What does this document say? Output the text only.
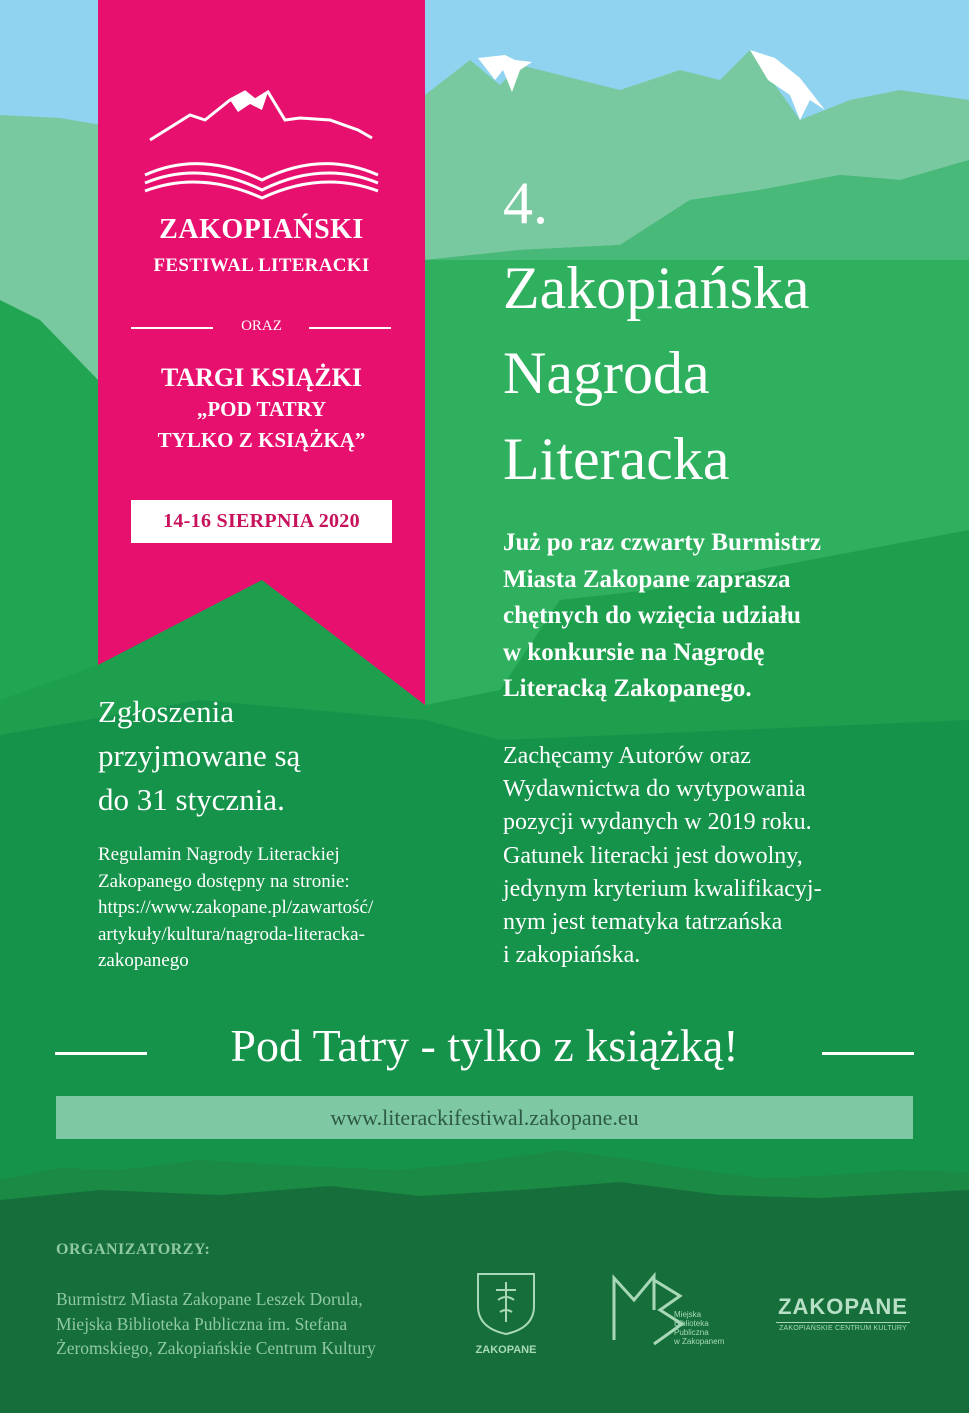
ZAKOPIAŃSKI
FESTIWAL LITERACKI
ORAZ
TARGI KSIĄŻKI
„POD TATRY
TYLKO Z KSIĄŻKĄ”
14-16 SIERPNIA 2020
4.
Zakopiańska
Nagroda
Literacka
Już po raz czwarty Burmistrz
Miasta Zakopane zaprasza
chętnych do wzięcia udziału
w konkursie na Nagrodę
Literacką Zakopanego.
Zachęcamy Autorów oraz
Wydawnictwa do wytypowania
pozycji wydanych w 2019 roku.
Gatunek literacki jest dowolny,
jedynym kryterium kwalifikacyj-
nym jest tematyka tatrzańska
i zakopiańska.
Zgłoszenia
przyjmowane są
do 31 stycznia.
Regulamin Nagrody Literackiej
Zakopanego dostępny na stronie:
https://www.zakopane.pl/zawartość/
artykuły/kultura/nagroda-literacka-
zakopanego
Pod Tatry - tylko z książką!
www.literackifestiwal.zakopane.eu
ORGANIZATORZY:
Burmistrz Miasta Zakopane Leszek Dorula,
Miejska Biblioteka Publiczna im. Stefana
Żeromskiego, Zakopiańskie Centrum Kultury	ZAKOPANE
Miejska
Biblioteka
Publiczna
w Zakopanem
ZAKOPANE
ZAKOPIAŃSKIE CENTRUM KULTURY
